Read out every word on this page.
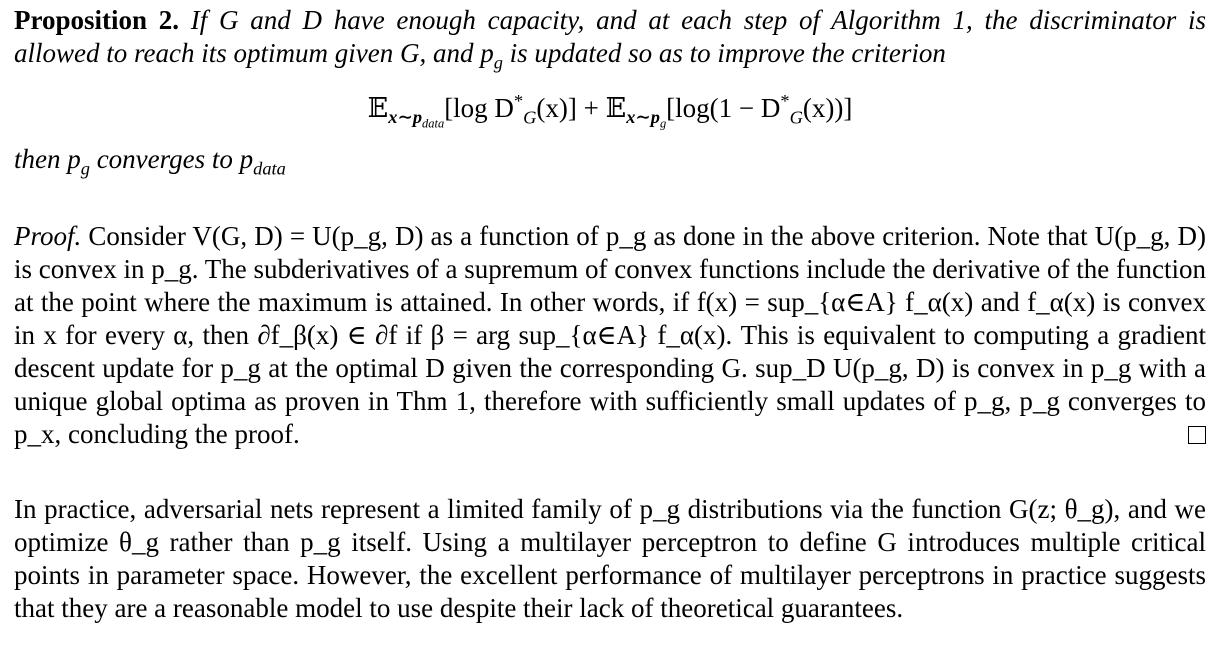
Proposition 2. If G and D have enough capacity, and at each step of Algorithm 1, the discriminator is allowed to reach its optimum given G, and $p_g$ is updated so as to improve the criterion
𝔼$_{x\sim p_{data}}$[log $D^*_G(x)$] + 𝔼$_{x\sim p_g}$[log(1 − $D^*_G(x)$)]
then $p_g$ converges to $p_{data}$
Proof. Consider V(G, D) = U(p_g, D) as a function of p_g as done in the above criterion. Note that U(p_g, D) is convex in p_g. The subderivatives of a supremum of convex functions include the derivative of the function at the point where the maximum is attained. In other words, if f(x) = sup_{α∈A} f_α(x) and f_α(x) is convex in x for every α, then ∂f_β(x) ∈ ∂f if β = arg sup_{α∈A} f_α(x). This is equivalent to computing a gradient descent update for p_g at the optimal D given the corresponding G. sup_D U(p_g, D) is convex in p_g with a unique global optima as proven in Thm 1, therefore with sufficiently small updates of p_g, p_g converges to p_x, concluding the proof.
In practice, adversarial nets represent a limited family of p_g distributions via the function G(z; θ_g), and we optimize θ_g rather than p_g itself. Using a multilayer perceptron to define G introduces multiple critical points in parameter space. However, the excellent performance of multilayer perceptrons in practice suggests that they are a reasonable model to use despite their lack of theoretical guarantees.
